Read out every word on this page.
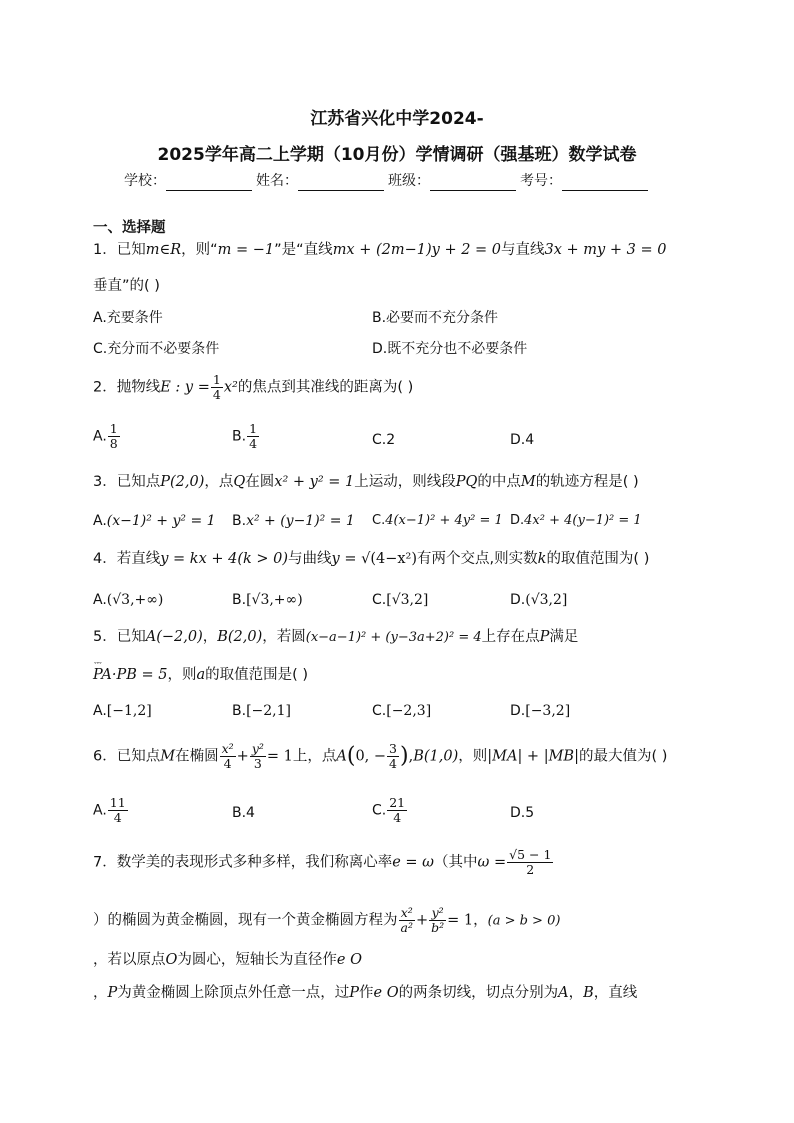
江苏省兴化中学2024-
2025学年高二上学期（10月份）学情调研（强基班）数学试卷
学校：	姓名：	班级：	考号：
一、选择题
1．已知m∈R，则“m = −1”是“直线mx + (2m−1)y + 2 = 0与直线3x + my + 3 = 0
垂直”的( )
A.充要条件	B.必要而不充分条件
C.充分而不必要条件	D.既不充分也不必要条件
2．抛物线E : $y = \frac{1}{4} x^2$的焦点到其准线的距离为( )
A. $\frac{1}{8}$	B. $\frac{1}{4}$	C.2	D.4
3．已知点P(2,0)，点Q在圆x² + y² = 1上运动，则线段PQ的中点M的轨迹方程是( )
A.(x−1)² + y² = 1 B.x² + (y−1)² = 1 C.4(x−1)² + 4y² = 1 D.4x² + 4(y−1)² = 1
4．若直线y = kx + 4(k > 0)与曲线y = √(4−x²)有两个交点,则实数k的取值范围为( )
A.(√3,+∞)	B.[√3,+∞)	C.[√3,2]	D.(√3,2]
5．已知A(−2,0)，B(2,0)，若圆(x−a−1)² + (y−3a+2)² = 4上存在点P满足
ˇˇˇ PA·PB = 5，则a的取值范围是( )
A.[−1,2]	B.[−2,1]	C.[−2,3]	D.[−3,2]
6．已知点M在椭圆 $\frac{\text{x²}}{4} + \frac{\text{y²}}{3} = 1$上，点A(0, − $\frac{3}{4} ),B(1,0)$，则|MA| + |MB|的最大值为( )
A. $\frac{11}{4}$	B.4	C. $\frac{21}{4}$	D.5
7．数学美的表现形式多种多样，我们称离心率e = ω（其中$\omega = \frac{√5 - 1}{2}$
）的椭圆为黄金椭圆，现有一个黄金椭圆方程为 $\frac{\text{x²}}{\text{a²}} + \frac{\text{y²}}{\text{b²}} = 1$，(a > b > 0)
，若以原点O为圆心，短轴长为直径作e O
，P为黄金椭圆上除顶点外任意一点，过P作e O的两条切线，切点分别为A，B，直线
